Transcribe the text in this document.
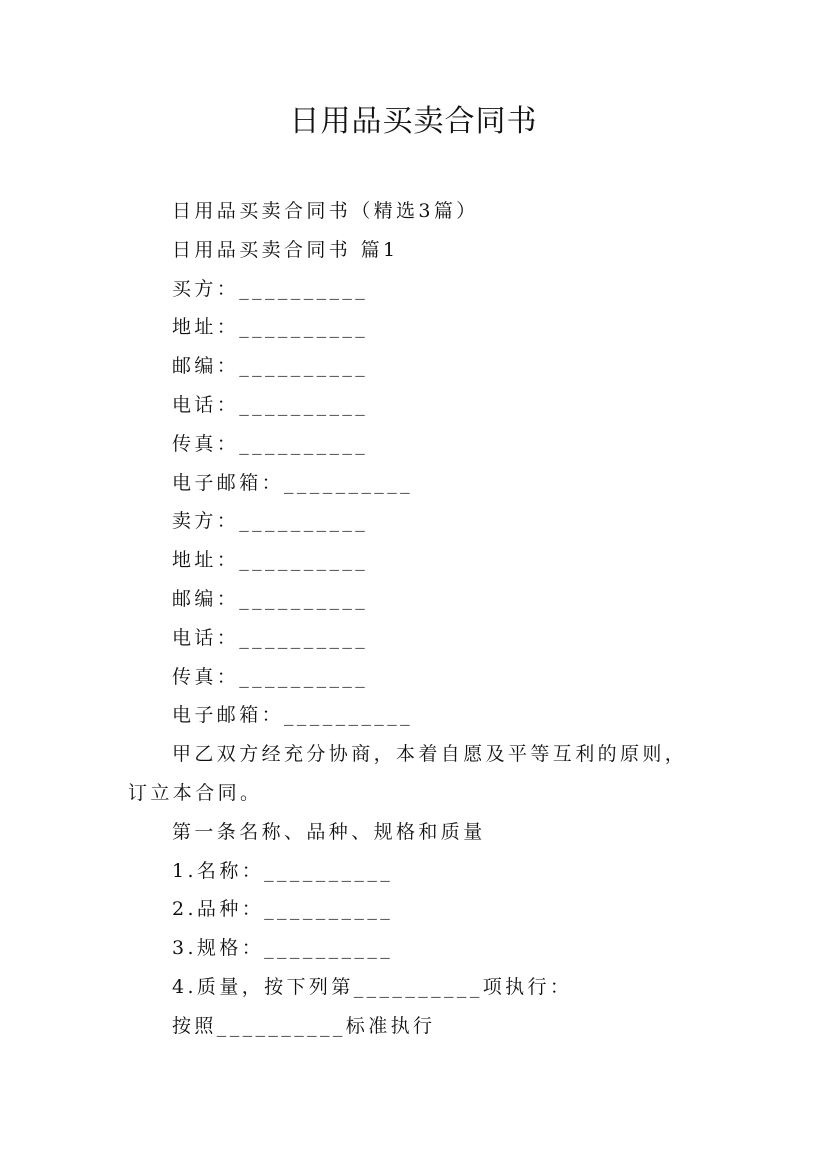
日用品买卖合同书

日用品买卖合同书（精选3篇）

日用品买卖合同书 篇1

买方：__________

地址：__________

邮编：__________

电话：__________

传真：__________

电子邮箱：__________

卖方：__________

地址：__________

邮编：__________

电话：__________

传真：__________

电子邮箱：__________

甲乙双方经充分协商，本着自愿及平等互利的原则，订立本合同。

第一条名称、品种、规格和质量

1.名称：__________

2.品种：__________

3.规格：__________

4.质量，按下列第__________项执行：

按照__________标准执行
